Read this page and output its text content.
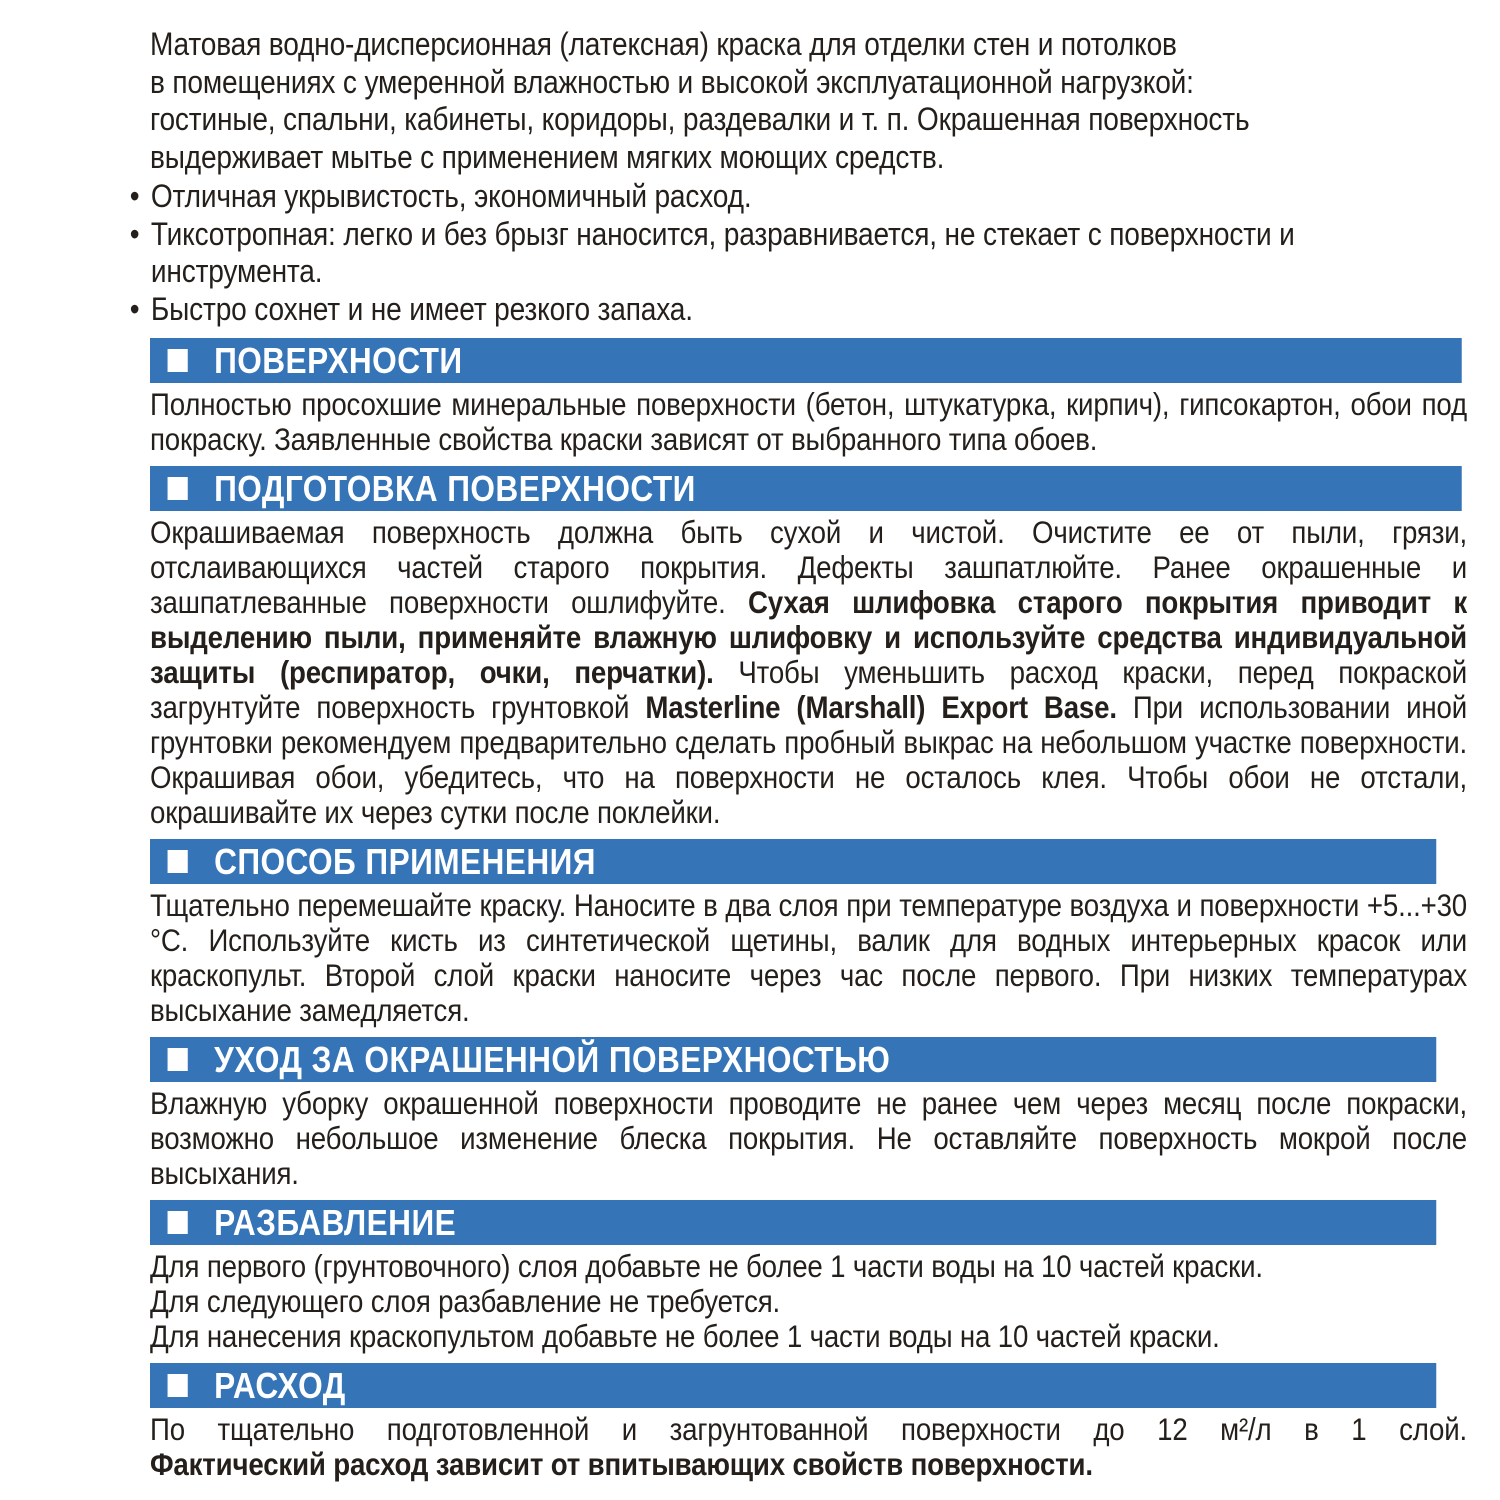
Матовая водно-дисперсионная (латексная) краска для отделки стен и потолков
в помещениях с умеренной влажностью и высокой эксплуатационной нагрузкой:
гостиные, спальни, кабинеты, коридоры, раздевалки и т. п. Окрашенная поверхность
выдерживает мытье с применением мягких моющих средств.

• Отличная укрывистость, экономичный расход.
• Тиксотропная: легко и без брызг наносится, разравнивается, не стекает с поверхности и инструмента.
• Быстро сохнет и не имеет резкого запаха.
ПОВЕРХНОСТИ

Полностью просохшие минеральные поверхности (бетон, штукатурка, кирпич), гипсокартон, обои под покраску. Заявленные свойства краски зависят от выбранного типа обоев.

ПОДГОТОВКА ПОВЕРХНОСТИ

Окрашиваемая поверхность должна быть сухой и чистой. Очистите ее от пыли, грязи, отслаивающихся частей старого покрытия. Дефекты зашпатлюйте. Ранее окрашенные и зашпатлеванные поверхности ошлифуйте. Сухая шлифовка старого покрытия приводит к выделению пыли, применяйте влажную шлифовку и используйте средства индивидуальной защиты (респиратор, очки, перчатки). Чтобы уменьшить расход краски, перед покраской загрунтуйте поверхность грунтовкой Masterline (Marshall) Export Base. При использовании иной грунтовки рекомендуем предварительно сделать пробный выкрас на небольшом участке поверхности. Окрашивая обои, убедитесь, что на поверхности не осталось клея. Чтобы обои не отстали, окрашивайте их через сутки после поклейки.

СПОСОБ ПРИМЕНЕНИЯ

Тщательно перемешайте краску. Наносите в два слоя при температуре воздуха и поверхности +5...+30 °С. Используйте кисть из синтетической щетины, валик для водных интерьерных красок или краскопульт. Второй слой краски наносите через час после первого. При низких температурах высыхание замедляется.

УХОД ЗА ОКРАШЕННОЙ ПОВЕРХНОСТЬЮ

Влажную уборку окрашенной поверхности проводите не ранее чем через месяц после покраски, возможно небольшое изменение блеска покрытия. Не оставляйте поверхность мокрой после высыхания.

РАЗБАВЛЕНИЕ

Для первого (грунтовочного) слоя добавьте не более 1 части воды на 10 частей краски.

Для следующего слоя разбавление не требуется.

Для нанесения краскопультом добавьте не более 1 части воды на 10 частей краски.

РАСХОД

По тщательно подготовленной и загрунтованной поверхности до 12 м²/л в 1 слой.

Фактический расход зависит от впитывающих свойств поверхности.
